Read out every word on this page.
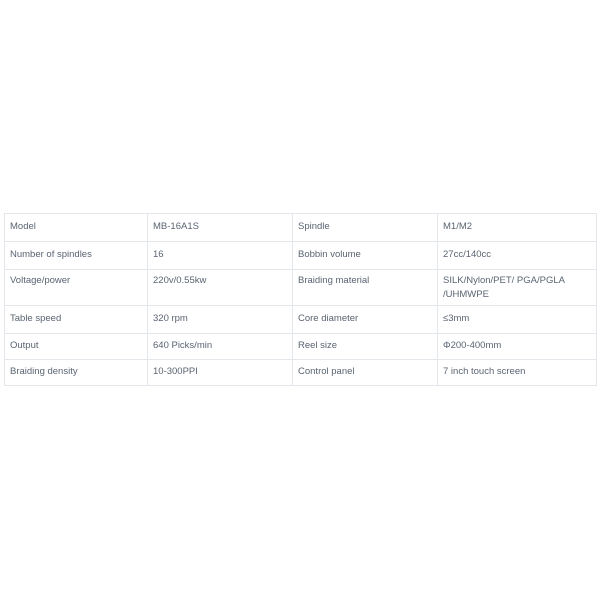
Model	MB-16A1S	Spindle	M1/M2
Number of spindles	16	Bobbin volume	27cc/140cc
Voltage/power	220v/0.55kw	Braiding material	SILK/Nylon/PET/ PGA/PGLA /UHMWPE
Table speed	320 rpm	Core diameter	≤3mm
Output	640 Picks/min	Reel size	Φ200-400mm
Braiding density	10-300PPI	Control panel	7 inch touch screen
